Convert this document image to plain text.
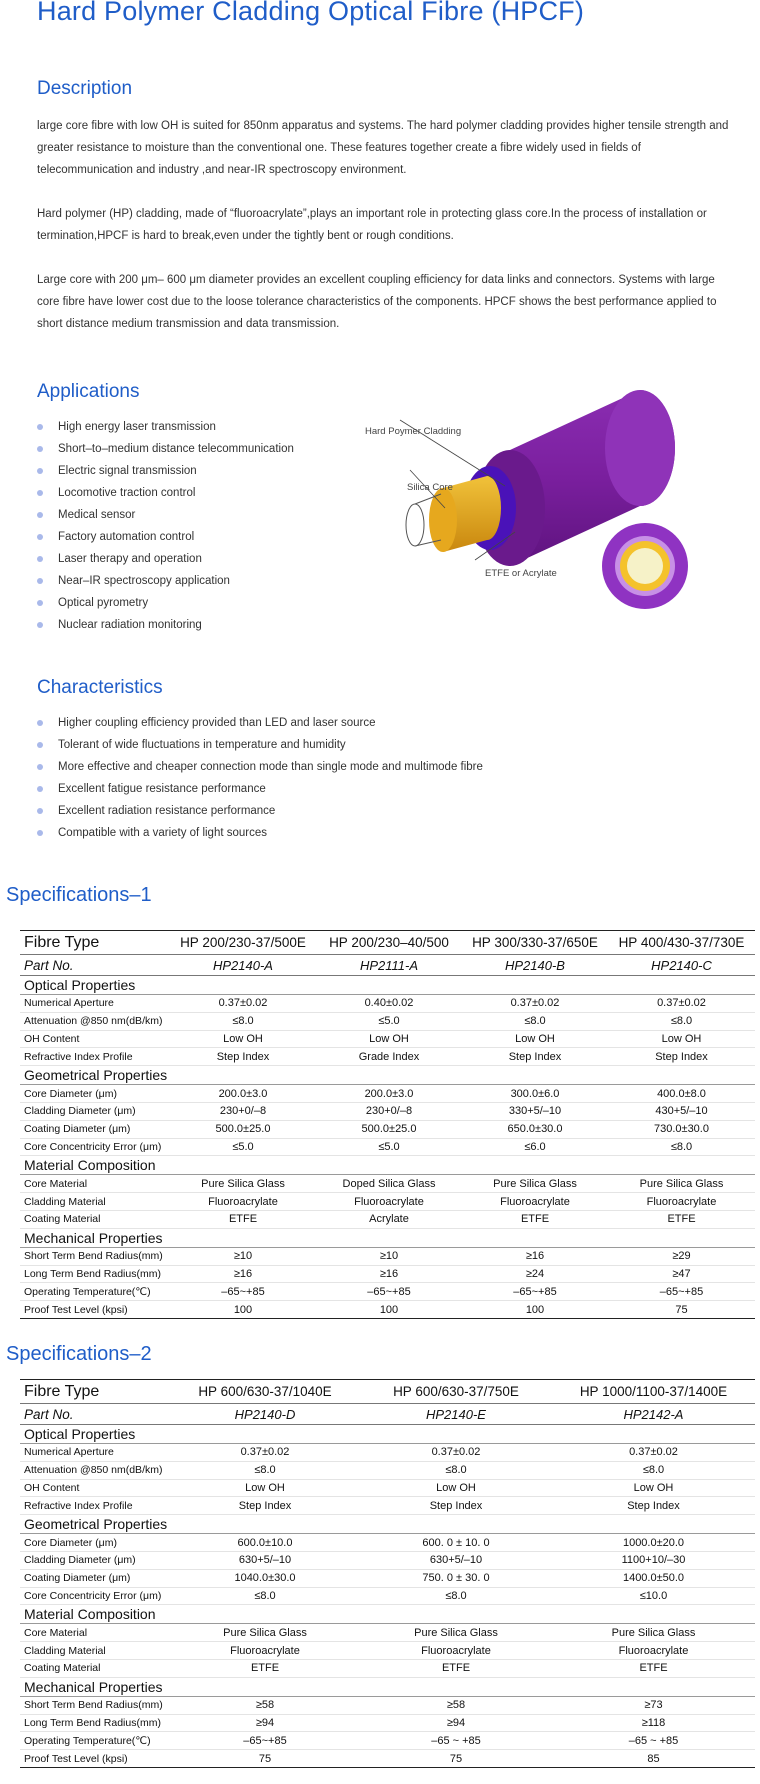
Hard Polymer Cladding Optical Fibre (HPCF)
Description

large core fibre with low OH is suited for 850nm apparatus and systems. The hard polymer cladding provides higher tensile strength and greater resistance to moisture than the conventional one. These features together create a fibre widely used in fields of telecommunication and industry ,and near-IR spectroscopy environment.

Hard polymer (HP) cladding, made of “fluoroacrylate”,plays an important role in protecting glass core.In the process of installation or termination,HPCF is hard to break,even under the tightly bent or rough conditions.

Large core with 200 μm– 600 μm diameter provides an excellent coupling efficiency for data links and connectors. Systems with large core fibre have lower cost due to the loose tolerance characteristics of the components. HPCF shows the best performance applied to short distance medium transmission and data transmission.

Applications
High energy laser transmission
Short–to–medium distance telecommunication
Electric signal transmission
Locomotive traction control
Medical sensor
Factory automation control
Laser therapy and operation
Near–IR spectroscopy application
Optical pyrometry
Nuclear radiation monitoring
Hard Poymer Cladding
Silica Core
ETFE or Acrylate
Characteristics
Higher coupling efficiency provided than LED and laser source
Tolerant of wide fluctuations in temperature and humidity
More effective and cheaper connection mode than single mode and multimode fibre
Excellent fatigue resistance performance
Excellent radiation resistance performance
Compatible with a variety of light sources
Specifications–1
Fibre Type	HP 200/230-37/500E	HP 200/230–40/500	HP 300/330-37/650E	HP 400/430-37/730E
Part No.	HP2140-A	HP2111-A	HP2140-B	HP2140-C
Optical Properties				
Numerical Aperture	0.37±0.02	0.40±0.02	0.37±0.02	0.37±0.02
Attenuation @850 nm(dB/km)	≤8.0	≤5.0	≤8.0	≤8.0
OH Content	Low OH	Low OH	Low OH	Low OH
Refractive Index Profile	Step Index	Grade Index	Step Index	Step Index
Geometrical Properties				
Core Diameter (μm)	200.0±3.0	200.0±3.0	300.0±6.0	400.0±8.0
Cladding Diameter (μm)	230+0/–8	230+0/–8	330+5/–10	430+5/–10
Coating Diameter (μm)	500.0±25.0	500.0±25.0	650.0±30.0	730.0±30.0
Core Concentricity Error (μm)	≤5.0	≤5.0	≤6.0	≤8.0
Material Composition				
Core Material	Pure Silica Glass	Doped Silica Glass	Pure Silica Glass	Pure Silica Glass
Cladding Material	Fluoroacrylate	Fluoroacrylate	Fluoroacrylate	Fluoroacrylate
Coating Material	ETFE	Acrylate	ETFE	ETFE
Mechanical Properties				
Short Term Bend Radius(mm)	≥10	≥10	≥16	≥29
Long Term Bend Radius(mm)	≥16	≥16	≥24	≥47
Operating Temperature(℃)	–65~+85	–65~+85	–65~+85	–65~+85
Proof Test Level (kpsi)	100	100	100	75
Specifications–2
Fibre Type	HP 600/630-37/1040E	HP 600/630-37/750E	HP 1000/1100-37/1400E
Part No.	HP2140-D	HP2140-E	HP2142-A
Optical Properties			
Numerical Aperture	0.37±0.02	0.37±0.02	0.37±0.02
Attenuation @850 nm(dB/km)	≤8.0	≤8.0	≤8.0
OH Content	Low OH	Low OH	Low OH
Refractive Index Profile	Step Index	Step Index	Step Index
Geometrical Properties			
Core Diameter (μm)	600.0±10.0	600. 0 ± 10. 0	1000.0±20.0
Cladding Diameter (μm)	630+5/–10	630+5/–10	1100+10/–30
Coating Diameter (μm)	1040.0±30.0	750. 0 ± 30. 0	1400.0±50.0
Core Concentricity Error (μm)	≤8.0	≤8.0	≤10.0
Material Composition			
Core Material	Pure Silica Glass	Pure Silica Glass	Pure Silica Glass
Cladding Material	Fluoroacrylate	Fluoroacrylate	Fluoroacrylate
Coating Material	ETFE	ETFE	ETFE
Mechanical Properties			
Short Term Bend Radius(mm)	≥58	≥58	≥73
Long Term Bend Radius(mm)	≥94	≥94	≥118
Operating Temperature(℃)	–65~+85	–65 ~ +85	–65 ~ +85
Proof Test Level (kpsi)	75	75	85
